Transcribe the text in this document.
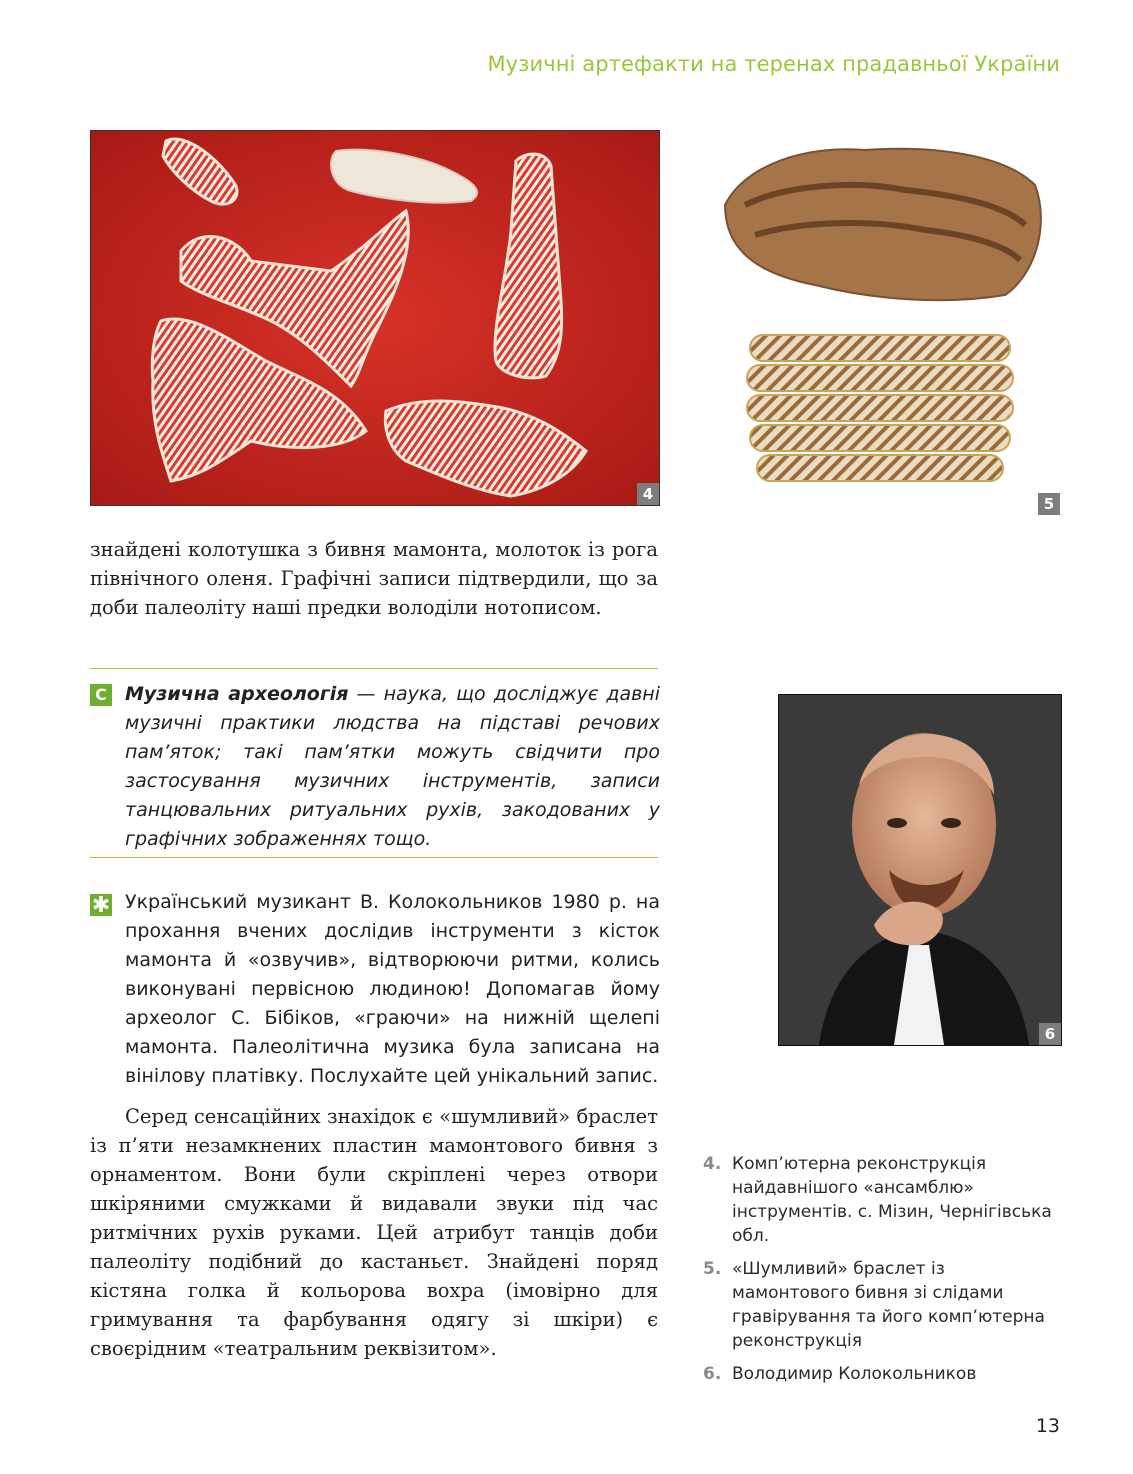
Музичні артефакти на теренах прадавньої України
4
5
6

знайдені колотушка з бивня мамонта, молоток із рога північного оленя. Графічні записи підтвердили, що за доби палеоліту наші предки володіли нотописом.

С Музична археологія — наука, що досліджує давні музичні практики людства на підставі речових пам’яток; такі пам’ятки можуть свідчити про застосування музичних інструментів, записи танцювальних ритуальних рухів, закодованих у графічних зображеннях тощо.
✱ Український музикант В. Колокольников 1980 р. на прохання вчених дослідив інструменти з кісток мамонта й «озвучив», відтворюючи ритми, колись виконувані первісною людиною! Допомагав йому археолог С. Бібіков, «граючи» на нижній щелепі мамонта. Палеолітична музика була записана на вінілову платівку. Послухайте цей унікальний запис.

Серед сенсаційних знахідок є «шумливий» браслет із п’яти незамкнених пластин мамонтового бивня з орнаментом. Вони були скріплені через отвори шкіряними смужками й видавали звуки під час ритмічних рухів руками. Цей атрибут танців доби палеоліту подібний до кастаньєт. Знайдені поряд кістяна голка й кольорова вохра (імовірно для гримування та фарбування одягу зі шкіри) є своєрідним «театральним реквізитом».

4. Комп’ютерна реконструкція найдавнішого «ансамблю» інструментів. с. Мізин, Чернігівська обл.
5. «Шумливий» браслет із мамонтового бивня зі слідами гравірування та його комп’ютерна реконструкція
6. Володимир Колокольников
13
